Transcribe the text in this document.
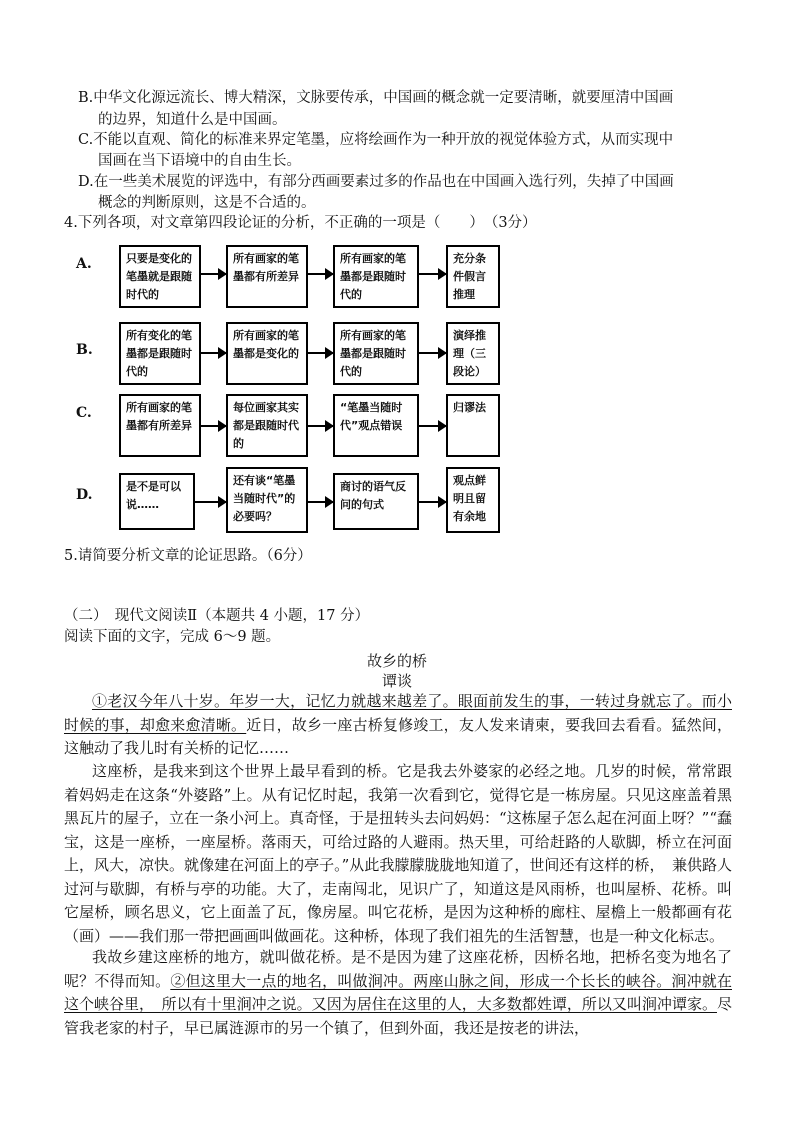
B.中华文化源远流长、博大精深，文脉要传承，中国画的概念就一定要清晰，就要厘清中国画
的边界，知道什么是中国画。
C.不能以直观、简化的标准来界定笔墨，应将绘画作为一种开放的视觉体验方式，从而实现中
国画在当下语境中的自由生长。
D.在一些美术展览的评选中，有部分西画要素过多的作品也在中国画入选行列，失掉了中国画
概念的判断原则，这是不合适的。
4.下列各项，对文章第四段论证的分析，不正确的一项是（　　）　（3分）
A.	只要是变化的笔墨就是跟随时代的
所有画家的笔墨都有所差异
所有画家的笔墨都是跟随时代的
充分条件假言推理
B.
所有变化的笔墨都是跟随时代的
所有画家的笔墨都是变化的
所有画家的笔墨都是跟随时代的
演绎推理（三段论）
C.	所有画家的笔墨都有所差异
每位画家其实都是跟随时代的
“笔墨当随时代”观点错误
归谬法
D.
是不是可以说……
还有谈“笔墨当随时代”的必要吗？
商讨的语气反问的句式
观点鲜明且留有余地
5.请简要分析文章的论证思路。（6分）
（二）　现代文阅读Ⅱ（本题共 4 小题，17 分）
阅读下面的文字，完成 6～9 题。
故乡的桥
谭谈
①老汉今年八十岁。年岁一大，记忆力就越来越差了。眼面前发生的事，一转过身就忘了。而小时候的事，却愈来愈清晰。近日，故乡一座古桥复修竣工，友人发来请柬，要我回去看看。猛然间，这触动了我儿时有关桥的记忆……
这座桥，是我来到这个世界上最早看到的桥。它是我去外婆家的必经之地。几岁的时候，常常跟着妈妈走在这条“外婆路”上。从有记忆时起，我第一次看到它，觉得它是一栋房屋。只见这座盖着黑黑瓦片的屋子，立在一条小河上。真奇怪，于是扭转头去问妈妈：“这栋屋子怎么起在河面上呀？”“蠢宝，这是一座桥，一座屋桥。落雨天，可给过路的人避雨。热天里，可给赶路的人歇脚，桥立在河面上，风大，凉快。就像建在河面上的亭子。”从此我朦朦胧胧地知道了，世间还有这样的桥，　兼供路人过河与歇脚，有桥与亭的功能。大了，走南闯北，见识广了，知道这是风雨桥，也叫屋桥、花桥。叫它屋桥，顾名思义，它上面盖了瓦，像房屋。叫它花桥，是因为这种桥的廊柱、屋檐上一般都画有花（画）——我们那一带把画画叫做画花。这种桥，体现了我们祖先的生活智慧，也是一种文化标志。
我故乡建这座桥的地方，就叫做花桥。是不是因为建了这座花桥，因桥名地，把桥名变为地名了呢？不得而知。②但这里大一点的地名，叫做涧冲。两座山脉之间，形成一个长长的峡谷。涧冲就在这个峡谷里，　所以有十里涧冲之说。又因为居住在这里的人，大多数都姓谭，所以又叫涧冲谭家。尽管我老家的村子，早已属涟源市的另一个镇了，但到外面，我还是按老的讲法，
